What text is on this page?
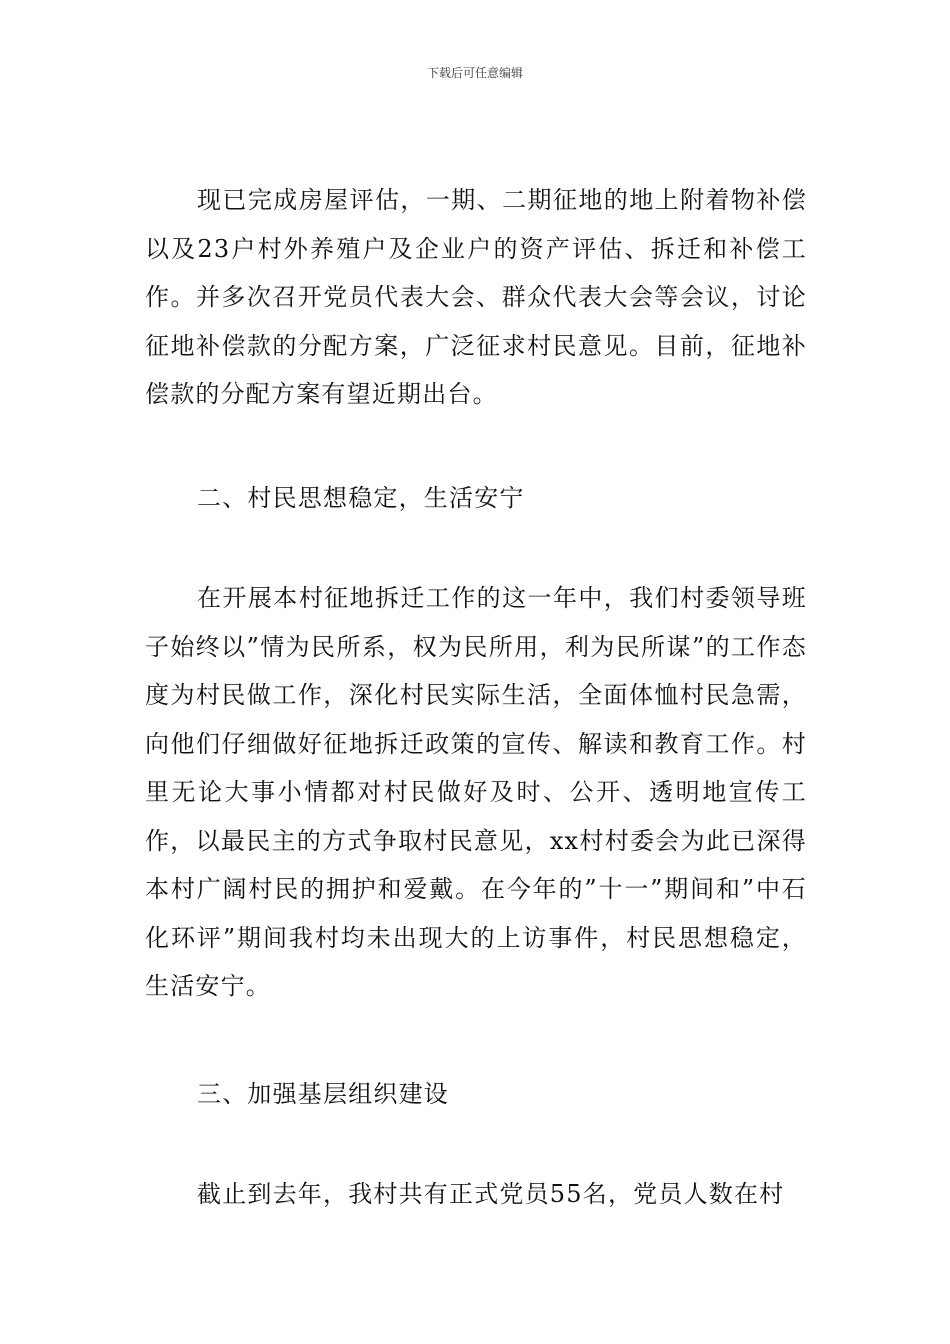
下载后可任意编辑

现已完成房屋评估，一期、二期征地的地上附着物补偿以及23户村外养殖户及企业户的资产评估、拆迁和补偿工作。并多次召开党员代表大会、群众代表大会等会议，讨论征地补偿款的分配方案，广泛征求村民意见。目前，征地补偿款的分配方案有望近期出台。

二、村民思想稳定，生活安宁

在开展本村征地拆迁工作的这一年中，我们村委领导班子始终以”情为民所系，权为民所用，利为民所谋”的工作态度为村民做工作，深化村民实际生活，全面体恤村民急需，向他们仔细做好征地拆迁政策的宣传、解读和教育工作。村里无论大事小情都对村民做好及时、公开、透明地宣传工作，以最民主的方式争取村民意见，xx村村委会为此已深得本村广阔村民的拥护和爱戴。在今年的”十一”期间和”中石化环评”期间我村均未出现大的上访事件，村民思想稳定，生活安宁。

三、加强基层组织建设

截止到去年，我村共有正式党员55名，党员人数在村
